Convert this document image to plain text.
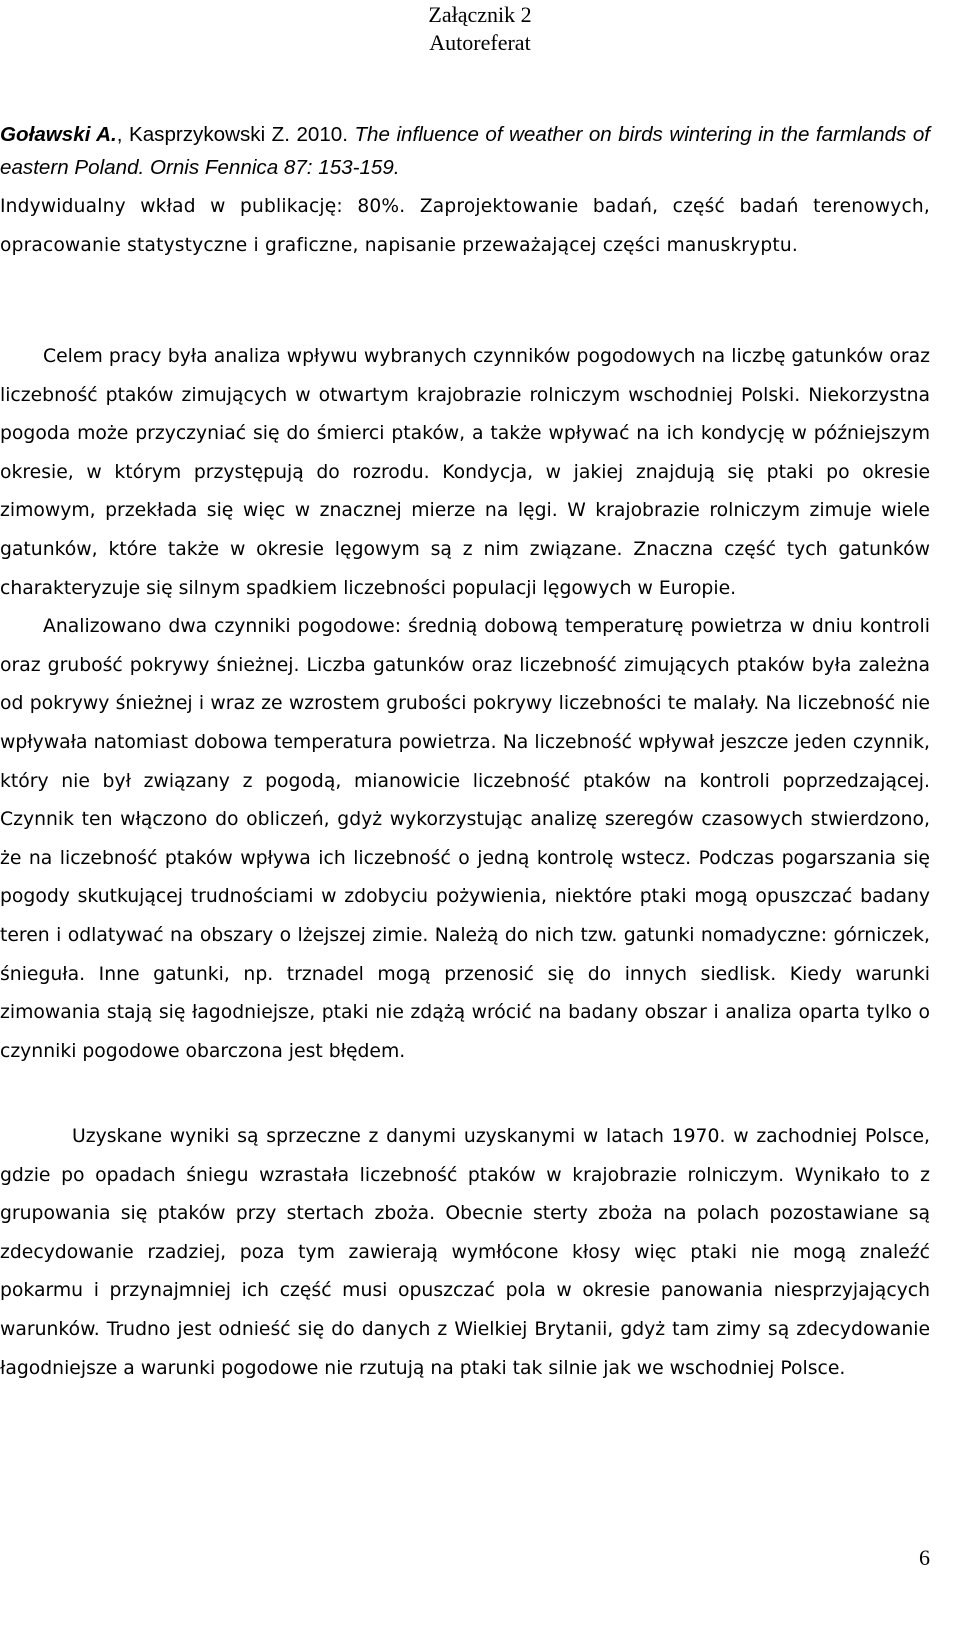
Załącznik 2
Autoreferat
Goławski A., Kasprzykowski Z. 2010. The influence of weather on birds wintering in the farmlands of eastern Poland. Ornis Fennica 87: 153-159.

Indywidualny wkład w publikację: 80%. Zaprojektowanie badań, część badań terenowych, opracowanie statystyczne i graficzne, napisanie przeważającej części manuskryptu.

Celem pracy była analiza wpływu wybranych czynników pogodowych na liczbę gatunków oraz liczebność ptaków zimujących w otwartym krajobrazie rolniczym wschodniej Polski. Niekorzystna pogoda może przyczyniać się do śmierci ptaków, a także wpływać na ich kondycję w późniejszym okresie, w którym przystępują do rozrodu. Kondycja, w jakiej znajdują się ptaki po okresie zimowym, przekłada się więc w znacznej mierze na lęgi. W krajobrazie rolniczym zimuje wiele gatunków, które także w okresie lęgowym są z nim związane. Znaczna część tych gatunków charakteryzuje się silnym spadkiem liczebności populacji lęgowych w Europie.

Analizowano dwa czynniki pogodowe: średnią dobową temperaturę powietrza w dniu kontroli oraz grubość pokrywy śnieżnej. Liczba gatunków oraz liczebność zimujących ptaków była zależna od pokrywy śnieżnej i wraz ze wzrostem grubości pokrywy liczebności te malały. Na liczebność nie wpływała natomiast dobowa temperatura powietrza. Na liczebność wpływał jeszcze jeden czynnik, który nie był związany z pogodą, mianowicie liczebność ptaków na kontroli poprzedzającej. Czynnik ten włączono do obliczeń, gdyż wykorzystując analizę szeregów czasowych stwierdzono, że na liczebność ptaków wpływa ich liczebność o jedną kontrolę wstecz. Podczas pogarszania się pogody skutkującej trudnościami w zdobyciu pożywienia, niektóre ptaki mogą opuszczać badany teren i odlatywać na obszary o lżejszej zimie. Należą do nich tzw. gatunki nomadyczne: górniczek, śniegułа. Inne gatunki, np. trznadel mogą przenosić się do innych siedlisk. Kiedy warunki zimowania stają się łagodniejsze, ptaki nie zdążą wrócić na badany obszar i analiza oparta tylko o czynniki pogodowe obarczona jest błędem.

Uzyskane wyniki są sprzeczne z danymi uzyskanymi w latach 1970. w zachodniej Polsce, gdzie po opadach śniegu wzrastała liczebność ptaków w krajobrazie rolniczym. Wynikało to z grupowania się ptaków przy stertach zboża. Obecnie sterty zboża na polach pozostawiane są zdecydowanie rzadziej, poza tym zawierają wymłócone kłosy więc ptaki nie mogą znaleźć pokarmu i przynajmniej ich część musi opuszczać pola w okresie panowania niesprzyjających warunków. Trudno jest odnieść się do danych z Wielkiej Brytanii, gdyż tam zimy są zdecydowanie łagodniejsze a warunki pogodowe nie rzutują na ptaki tak silnie jak we wschodniej Polsce.

6
